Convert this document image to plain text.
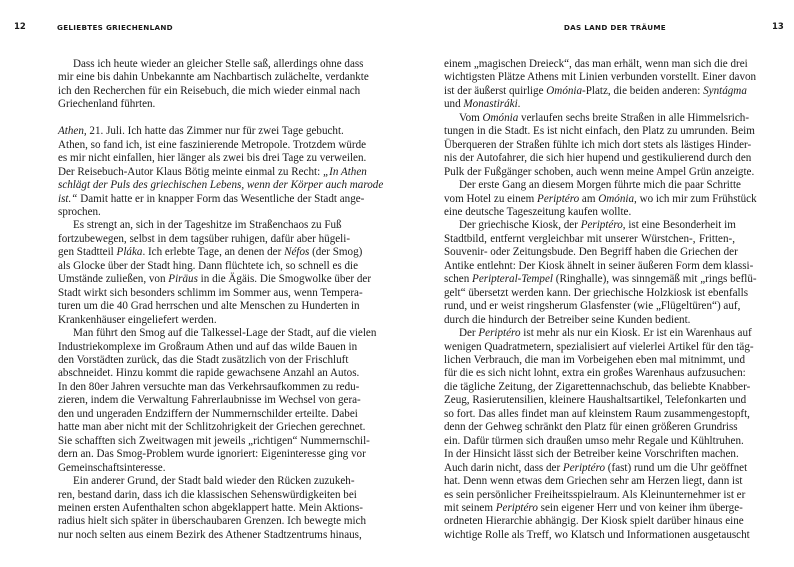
12	GELIEBTES GRIECHENLAND
Dass ich heute wieder an gleicher Stelle saß, allerdings ohne dass
mir eine bis dahin Unbekannte am Nachbartisch zulächelte, verdankte
ich den Recherchen für ein Reisebuch, die mich wieder einmal nach
Griechenland führten.

Athen, 21. Juli. Ich hatte das Zimmer nur für zwei Tage gebucht.
Athen, so fand ich, ist eine faszinierende Metropole. Trotzdem würde
es mir nicht einfallen, hier länger als zwei bis drei Tage zu verweilen.
Der Reisebuch-Autor Klaus Bötig meinte einmal zu Recht: „In Athen
schlägt der Puls des griechischen Lebens, wenn der Körper auch marode
ist.“ Damit hatte er in knapper Form das Wesentliche der Stadt ange-
sprochen.
Es strengt an, sich in der Tageshitze im Straßenchaos zu Fuß
fortzubewegen, selbst in dem tagsüber ruhigen, dafür aber hügeli-
gen Stadtteil Pláka. Ich erlebte Tage, an denen der Néfos (der Smog)
als Glocke über der Stadt hing. Dann flüchtete ich, so schnell es die
Umstände zuließen, von Piräus in die Ägäis. Die Smogwolke über der
Stadt wirkt sich besonders schlimm im Sommer aus, wenn Tempera-
turen um die 40 Grad herrschen und alte Menschen zu Hunderten in
Krankenhäuser eingeliefert werden.
Man führt den Smog auf die Talkessel-Lage der Stadt, auf die vielen
Industriekomplexe im Großraum Athen und auf das wilde Bauen in
den Vorstädten zurück, das die Stadt zusätzlich von der Frischluft
abschneidet. Hinzu kommt die rapide gewachsene Anzahl an Autos.
In den 80er Jahren versuchte man das Verkehrsaufkommen zu redu-
zieren, indem die Verwaltung Fahrerlaubnisse im Wechsel von gera-
den und ungeraden Endziffern der Nummernschilder erteilte. Dabei
hatte man aber nicht mit der Schlitzohrigkeit der Griechen gerechnet.
Sie schafften sich Zweitwagen mit jeweils „richtigen“ Nummernschil-
dern an. Das Smog-Problem wurde ignoriert: Eigeninteresse ging vor
Gemeinschaftsinteresse.
Ein anderer Grund, der Stadt bald wieder den Rücken zuzukeh-
ren, bestand darin, dass ich die klassischen Sehenswürdigkeiten bei
meinen ersten Aufenthalten schon abgeklappert hatte. Mein Aktions-
radius hielt sich später in überschaubaren Grenzen. Ich bewegte mich
nur noch selten aus einem Bezirk des Athener Stadtzentrums hinaus,
DAS LAND DER TRÄUME	13
einem „magischen Dreieck“, das man erhält, wenn man sich die drei
wichtigsten Plätze Athens mit Linien verbunden vorstellt. Einer davon
ist der äußerst quirlige Omónia-Platz, die beiden anderen: Syntágma
und Monastiráki.
Vom Omónia verlaufen sechs breite Straßen in alle Himmelsrich-
tungen in die Stadt. Es ist nicht einfach, den Platz zu umrunden. Beim
Überqueren der Straßen fühlte ich mich dort stets als lästiges Hinder-
nis der Autofahrer, die sich hier hupend und gestikulierend durch den
Pulk der Fußgänger schoben, auch wenn meine Ampel Grün anzeigte.
Der erste Gang an diesem Morgen führte mich die paar Schritte
vom Hotel zu einem Periptéro am Omónia, wo ich mir zum Frühstück
eine deutsche Tageszeitung kaufen wollte.
Der griechische Kiosk, der Periptéro, ist eine Besonderheit im
Stadtbild, entfernt vergleichbar mit unserer Würstchen-, Fritten-,
Souvenir- oder Zeitungsbude. Den Begriff haben die Griechen der
Antike entlehnt: Der Kiosk ähnelt in seiner äußeren Form dem klassi-
schen Peripteral-Tempel (Ringhalle), was sinngemäß mit „rings beflü-
gelt“ übersetzt werden kann. Der griechische Holzkiosk ist ebenfalls
rund, und er weist ringsherum Glasfenster (wie „Flügeltüren“) auf,
durch die hindurch der Betreiber seine Kunden bedient.
Der Periptéro ist mehr als nur ein Kiosk. Er ist ein Warenhaus auf
wenigen Quadratmetern, spezialisiert auf vielerlei Artikel für den täg-
lichen Verbrauch, die man im Vorbeigehen eben mal mitnimmt, und
für die es sich nicht lohnt, extra ein großes Warenhaus aufzusuchen:
die tägliche Zeitung, der Zigarettennachschub, das beliebte Knabber-
Zeug, Rasierutensilien, kleinere Haushaltsartikel, Telefonkarten und
so fort. Das alles findet man auf kleinstem Raum zusammengestopft,
denn der Gehweg schränkt den Platz für einen größeren Grundriss
ein. Dafür türmen sich draußen umso mehr Regale und Kühltruhen.
In der Hinsicht lässt sich der Betreiber keine Vorschriften machen.
Auch darin nicht, dass der Periptéro (fast) rund um die Uhr geöffnet
hat. Denn wenn etwas dem Griechen sehr am Herzen liegt, dann ist
es sein persönlicher Freiheitsspielraum. Als Kleinunternehmer ist er
mit seinem Periptéro sein eigener Herr und von keiner ihm überge-
ordneten Hierarchie abhängig. Der Kiosk spielt darüber hinaus eine
wichtige Rolle als Treff, wo Klatsch und Informationen ausgetauscht
